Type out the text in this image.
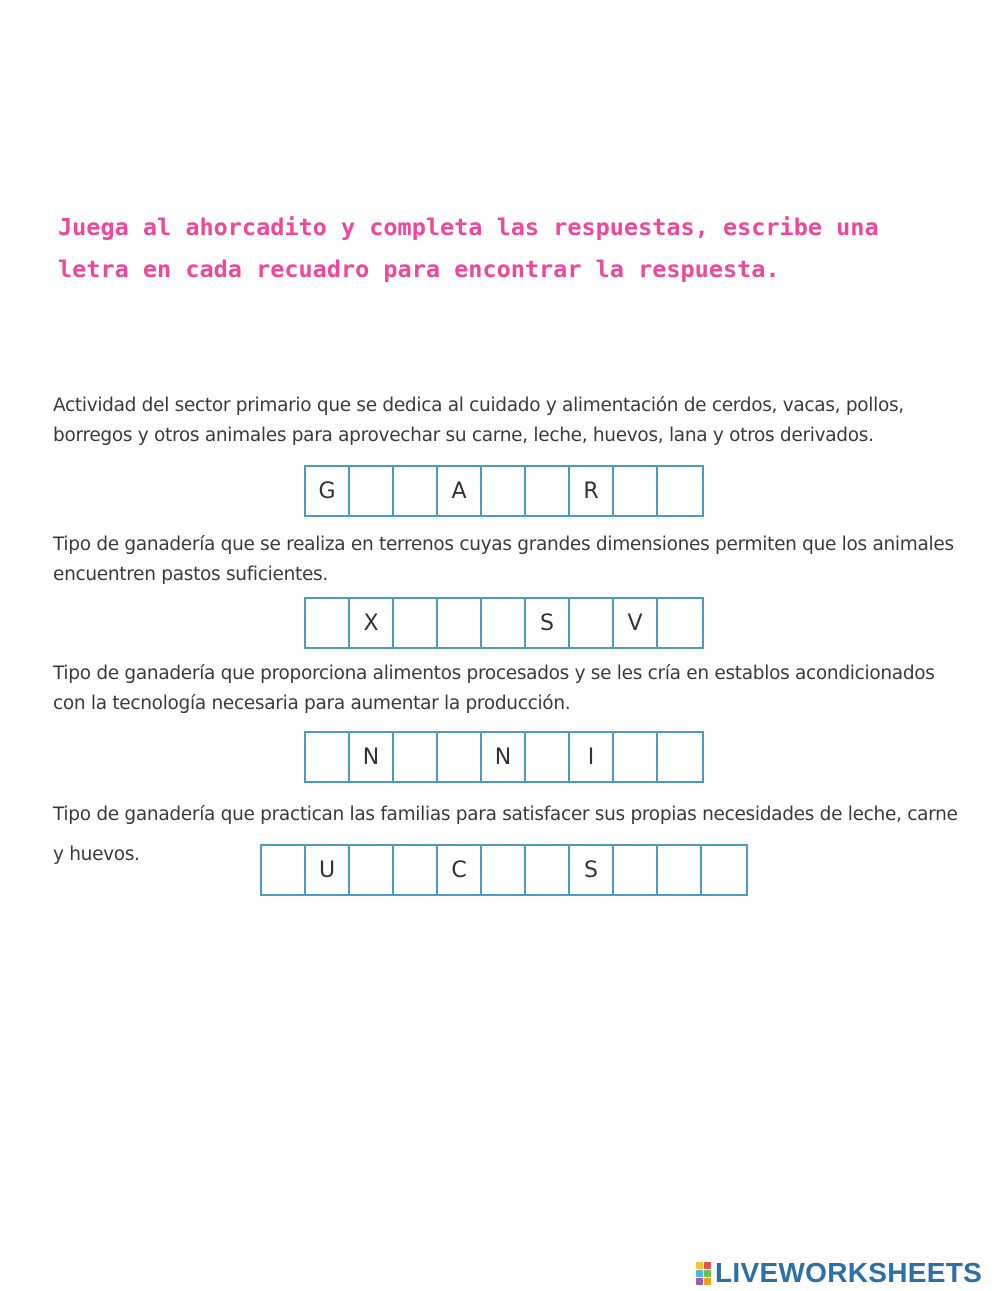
Juega al ahorcadito y completa las respuestas, escribe una letra en cada recuadro para encontrar la respuesta.

Actividad del sector primario que se dedica al cuidado y alimentación de cerdos, vacas, pollos, borregos y otros animales para aprovechar su carne, leche, huevos, lana y otros derivados.

G	A	R

Tipo de ganadería que se realiza en terrenos cuyas grandes dimensiones permiten que los animales encuentren pastos suficientes.

X	S	V

Tipo de ganadería que proporciona alimentos procesados y se les cría en establos acondicionados con la tecnología necesaria para aumentar la producción.

N	N	I

Tipo de ganadería que practican las familias para satisfacer sus propias necesidades de leche, carne y huevos.

U	C	S
LIVEWORKSHEETS
